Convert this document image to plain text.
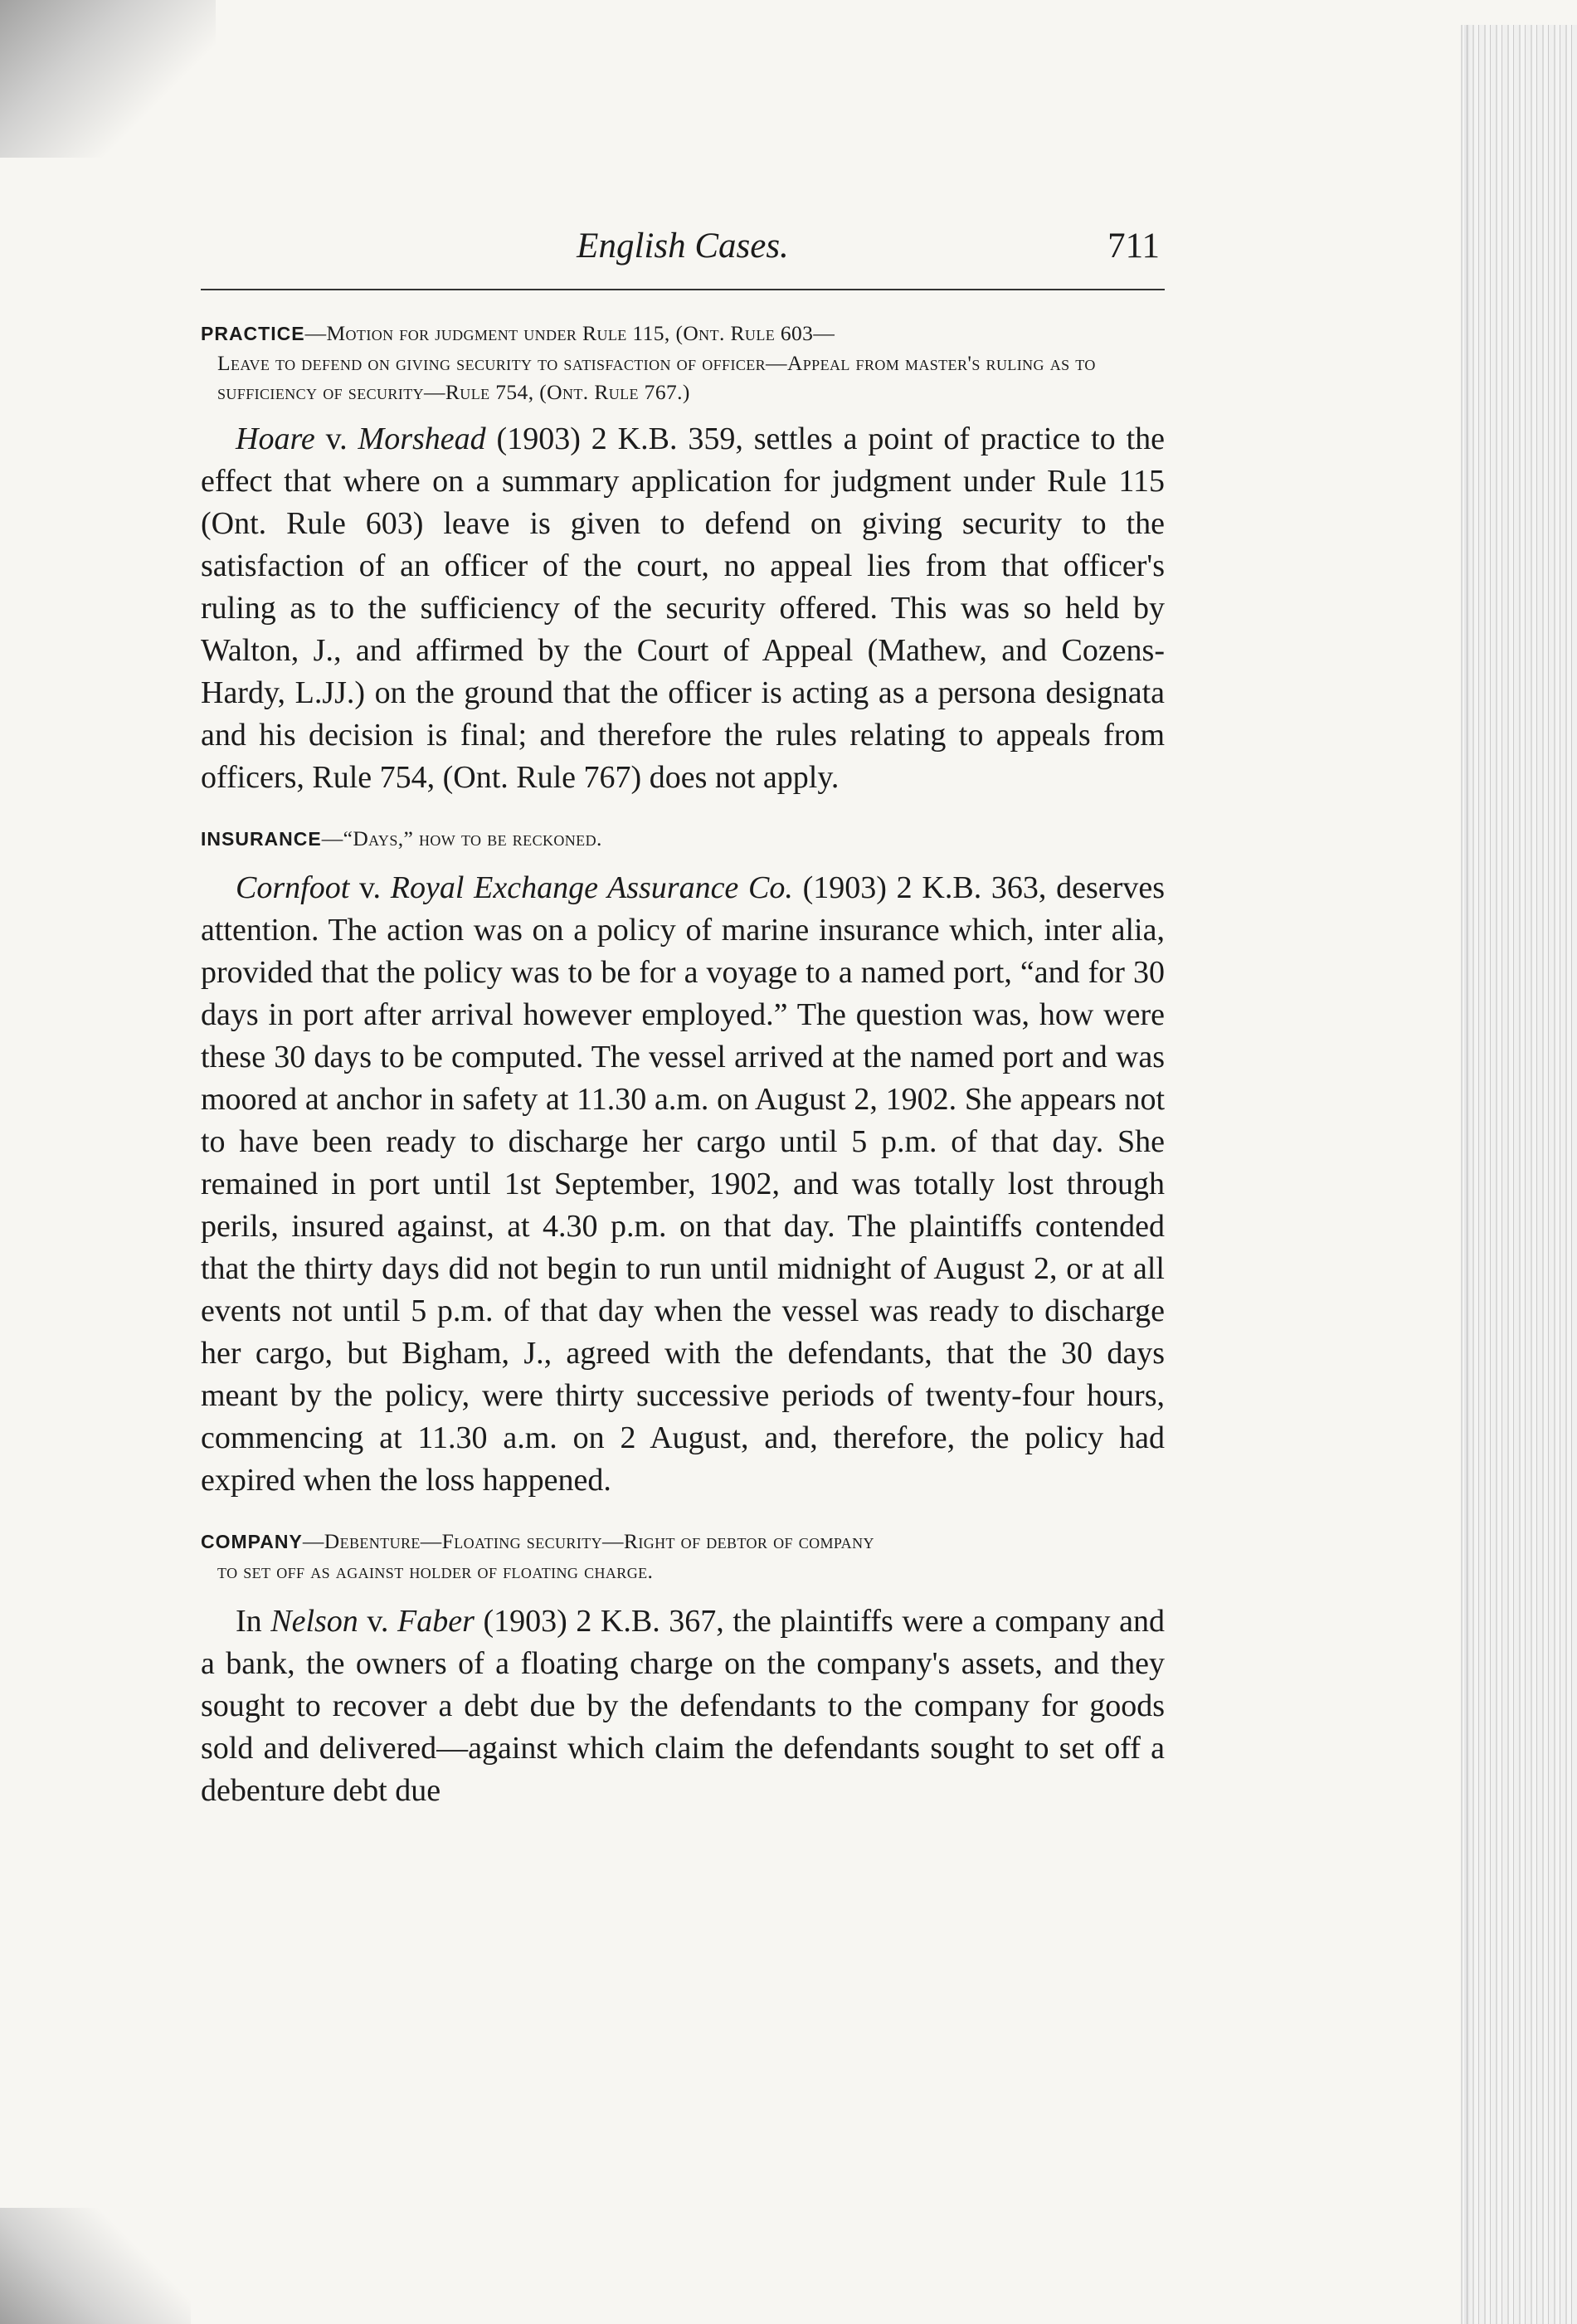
English Cases.	711

PRACTICE—Motion for judgment under Rule 115, (Ont. Rule 603—
Leave to defend on giving security to satisfaction of officer—Appeal from master's ruling as to sufficiency of security—Rule 754, (Ont. Rule 767.)

Hoare v. Morshead (1903) 2 K.B. 359, settles a point of practice to the effect that where on a summary application for judgment under Rule 115 (Ont. Rule 603) leave is given to defend on giving security to the satisfaction of an officer of the court, no appeal lies from that officer's ruling as to the sufficiency of the security offered. This was so held by Walton, J., and affirmed by the Court of Appeal (Mathew, and Cozens-Hardy, L.JJ.) on the ground that the officer is acting as a persona designata and his decision is final; and therefore the rules relating to appeals from officers, Rule 754, (Ont. Rule 767) does not apply.

INSURANCE—“Days,” how to be reckoned.

Cornfoot v. Royal Exchange Assurance Co. (1903) 2 K.B. 363, deserves attention. The action was on a policy of marine insurance which, inter alia, provided that the policy was to be for a voyage to a named port, “and for 30 days in port after arrival however employed.” The question was, how were these 30 days to be computed. The vessel arrived at the named port and was moored at anchor in safety at 11.30 a.m. on August 2, 1902. She appears not to have been ready to discharge her cargo until 5 p.m. of that day. She remained in port until 1st September, 1902, and was totally lost through perils, insured against, at 4.30 p.m. on that day. The plaintiffs contended that the thirty days did not begin to run until midnight of August 2, or at all events not until 5 p.m. of that day when the vessel was ready to discharge her cargo, but Bigham, J., agreed with the defendants, that the 30 days meant by the policy, were thirty successive periods of twenty-four hours, commencing at 11.30 a.m. on 2 August, and, therefore, the policy had expired when the loss happened.

COMPANY—Debenture—Floating security—Right of debtor of company
to set off as against holder of floating charge.

In Nelson v. Faber (1903) 2 K.B. 367, the plaintiffs were a company and a bank, the owners of a floating charge on the company's assets, and they sought to recover a debt due by the defendants to the company for goods sold and delivered—against which claim the defendants sought to set off a debenture debt due
